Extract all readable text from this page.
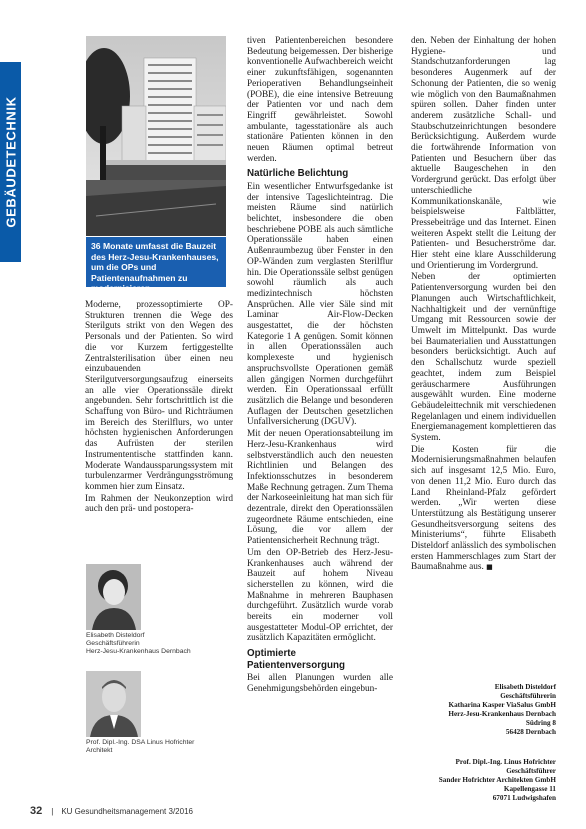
GEBÄUDETECHNIK
36 Monate umfasst die Bauzeit des Herz-Jesu-Krankenhauses, um die OPs und Patientenaufnahmen zu modernisieren.

Moderne, prozessoptimierte OP-Strukturen trennen die Wege des Sterilguts strikt von den Wegen des Personals und der Patienten. So wird die vor Kurzem fertiggestellte Zentralsterilisation über einen neu einzubauenden Sterilgutversorgungsaufzug einerseits an alle vier Operationssäle direkt angebunden. Sehr fortschrittlich ist die Schaffung von Büro- und Richträumen im Bereich des Sterilflurs, wo unter höchsten hygienischen Anforderungen das Aufrüsten der sterilen Instrumententische stattfinden kann. Moderate Wandaussparungssystem mit turbulenzarmer Verdrängungsströmung kommen hier zum Einsatz.

Im Rahmen der Neukonzeption wird auch den prä- und postopera-

Elisabeth Disteldorf
Geschäftsführerin
Herz-Jesu-Krankenhaus Dernbach
Prof. Dipl.-Ing. DSA Linus Hofrichter
Architekt

tiven Patientenbereichen besondere Bedeutung beigemessen. Der bisherige konventionelle Aufwachbereich weicht einer zukunftsfähigen, sogenannten Perioperativen Behandlungseinheit (POBE), die eine intensive Betreuung der Patienten vor und nach dem Eingriff gewährleistet. Sowohl ambulante, tagesstationäre als auch stationäre Patienten können in den neuen Räumen optimal betreut werden.

Natürliche Belichtung

Ein wesentlicher Entwurfsgedanke ist der intensive Tageslichteintrag. Die meisten Räume sind natürlich belichtet, insbesondere die oben beschriebene POBE als auch sämtliche Operationssäle haben einen Außenraumbezug über Fenster in den OP-Wänden zum verglasten Sterilflur hin. Die Operationssäle selbst genügen sowohl räumlich als auch medizintechnisch höchsten Ansprüchen. Alle vier Säle sind mit Laminar Air-Flow-Decken ausgestattet, die der höchsten Kategorie 1 A genügen. Somit können in allen Operationssälen auch komplexeste und hygienisch anspruchsvollste Operationen gemäß allen gängigen Normen durchgeführt werden. Ein Operationssaal erfüllt zusätzlich die Belange und besonderen Auflagen der Deutschen gesetzlichen Unfallversicherung (DGUV).

Mit der neuen Operationsabteilung im Herz-Jesu-Krankenhaus wird selbstverständlich auch den neuesten Richtlinien und Belangen des Infektionsschutzes in besonderem Maße Rechnung getragen. Zum Thema der Narkoseeinleitung hat man sich für dezentrale, direkt den Operationssälen zugeordnete Räume entschieden, eine Lösung, die vor allem der Patientensicherheit Rechnung trägt.

Um den OP-Betrieb des Herz-Jesu-Krankenhauses auch während der Bauzeit auf hohem Niveau sicherstellen zu können, wird die Maßnahme in mehreren Bauphasen durchgeführt. Zusätzlich wurde vorab bereits ein moderner voll ausgestatteter Modul-OP errichtet, der zusätzlich Kapazitäten ermöglicht.

Optimierte Patientenversorgung

Bei allen Planungen wurden alle Genehmigungsbehörden eingebun-

den. Neben der Einhaltung der hohen Hygiene- und Standschutzanforderungen lag besonderes Augenmerk auf der Schonung der Patienten, die so wenig wie möglich von den Baumaßnahmen spüren sollen. Daher finden unter anderem zusätzliche Schall- und Staubschutzeinrichtungen besondere Berücksichtigung. Außerdem wurde die fortwährende Information von Patienten und Besuchern über das aktuelle Baugeschehen in den Vordergrund gerückt. Das erfolgt über unterschiedliche Kommunikationskanäle, wie beispielsweise Faltblätter, Pressebeiträge und das Internet. Einen weiteren Aspekt stellt die Leitung der Patienten- und Besucherströme dar. Hier steht eine klare Ausschilderung und Orientierung im Vordergrund.

Neben der optimierten Patientenversorgung wurden bei den Planungen auch Wirtschaftlichkeit, Nachhaltigkeit und der vernünftige Umgang mit Ressourcen sowie der Umwelt im Mittelpunkt. Das wurde bei Baumaterialien und Ausstattungen besonders berücksichtigt. Auch auf den Schallschutz wurde speziell geachtet, indem zum Beispiel geräuscharmere Ausführungen ausgewählt wurden. Eine moderne Gebäudeleittechnik mit verschiedenen Regelanlagen und einem individuellen Energiemanagement komplettieren das System.

Die Kosten für die Modernisierungsmaßnahmen belaufen sich auf insgesamt 12,5 Mio. Euro, von denen 11,2 Mio. Euro durch das Land Rheinland-Pfalz gefördert werden. „Wir werten diese Unterstützung als Bestätigung unserer Gesundheitsversorgung seitens des Ministeriums“, führte Elisabeth Disteldorf anlässlich des symbolischen ersten Hammerschlages zum Start der Baumaßnahme aus. ■

Elisabeth Disteldorf
Geschäftsführerin
Katharina Kasper ViaSalus GmbH
Herz-Jesu-Krankenhaus Dernbach
Südring 8
56428 Dernbach
Prof. Dipl.-Ing. Linus Hofrichter
Geschäftsführer
Sander Hofrichter Architekten GmbH
Kapellengasse 11
67071 Ludwigshafen
32 | KU Gesundheitsmanagement 3/2016
